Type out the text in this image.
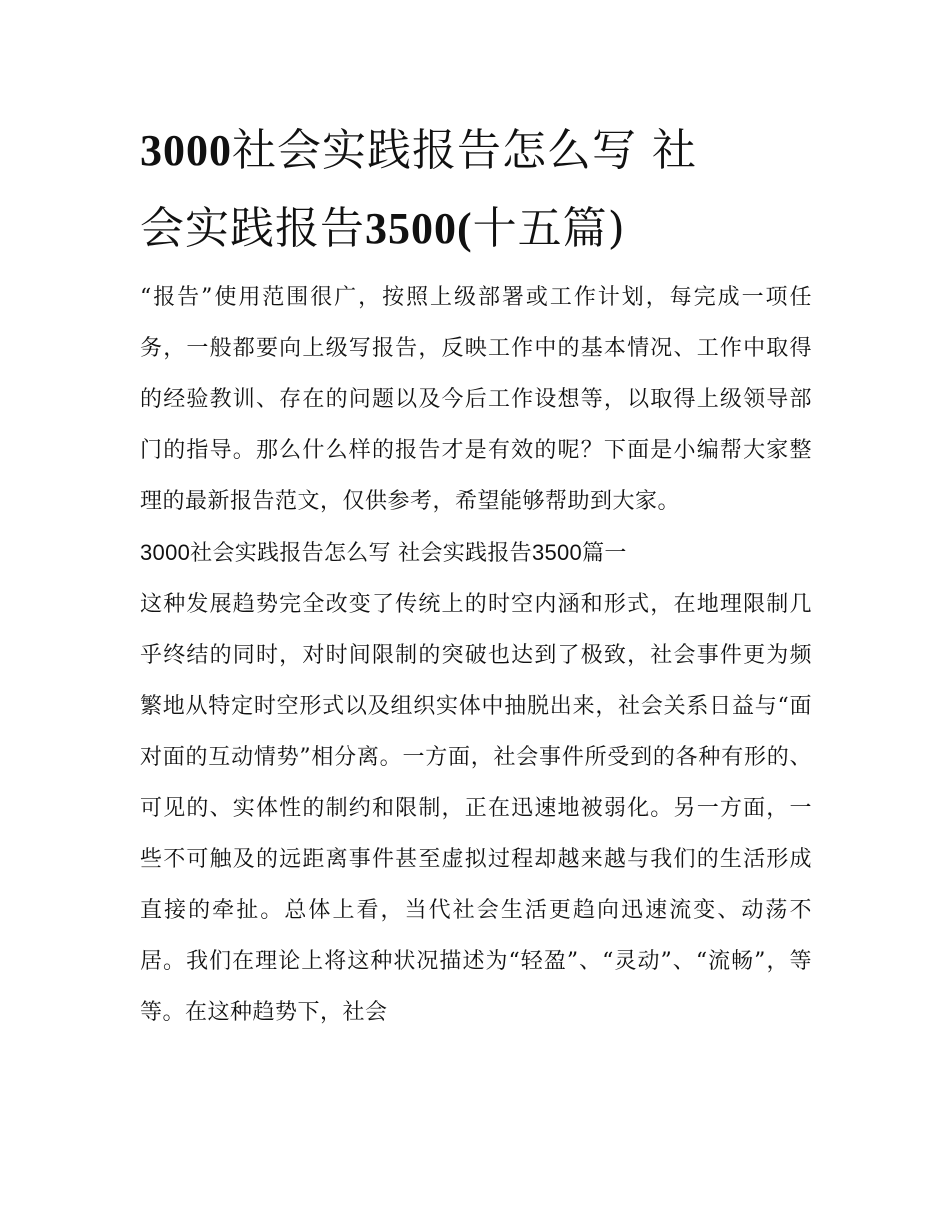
3000社会实践报告怎么写 社
会实践报告3500(十五篇)

“报告”使用范围很广，按照上级部署或工作计划，每完成一项任务，一般都要向上级写报告，反映工作中的基本情况、工作中取得的经验教训、存在的问题以及今后工作设想等，以取得上级领导部门的指导。那么什么样的报告才是有效的呢？下面是小编帮大家整理的最新报告范文，仅供参考，希望能够帮助到大家。

3000社会实践报告怎么写 社会实践报告3500篇一

这种发展趋势完全改变了传统上的时空内涵和形式，在地理限制几乎终结的同时，对时间限制的突破也达到了极致，社会事件更为频繁地从特定时空形式以及组织实体中抽脱出来，社会关系日益与“面对面的互动情势”相分离。一方面，社会事件所受到的各种有形的、可见的、实体性的制约和限制，正在迅速地被弱化。另一方面，一些不可触及的远距离事件甚至虚拟过程却越来越与我们的生活形成直接的牵扯。总体上看，当代社会生活更趋向迅速流变、动荡不居。我们在理论上将这种状况描述为“轻盈”、“灵动”、“流畅”，等等。在这种趋势下，社会
